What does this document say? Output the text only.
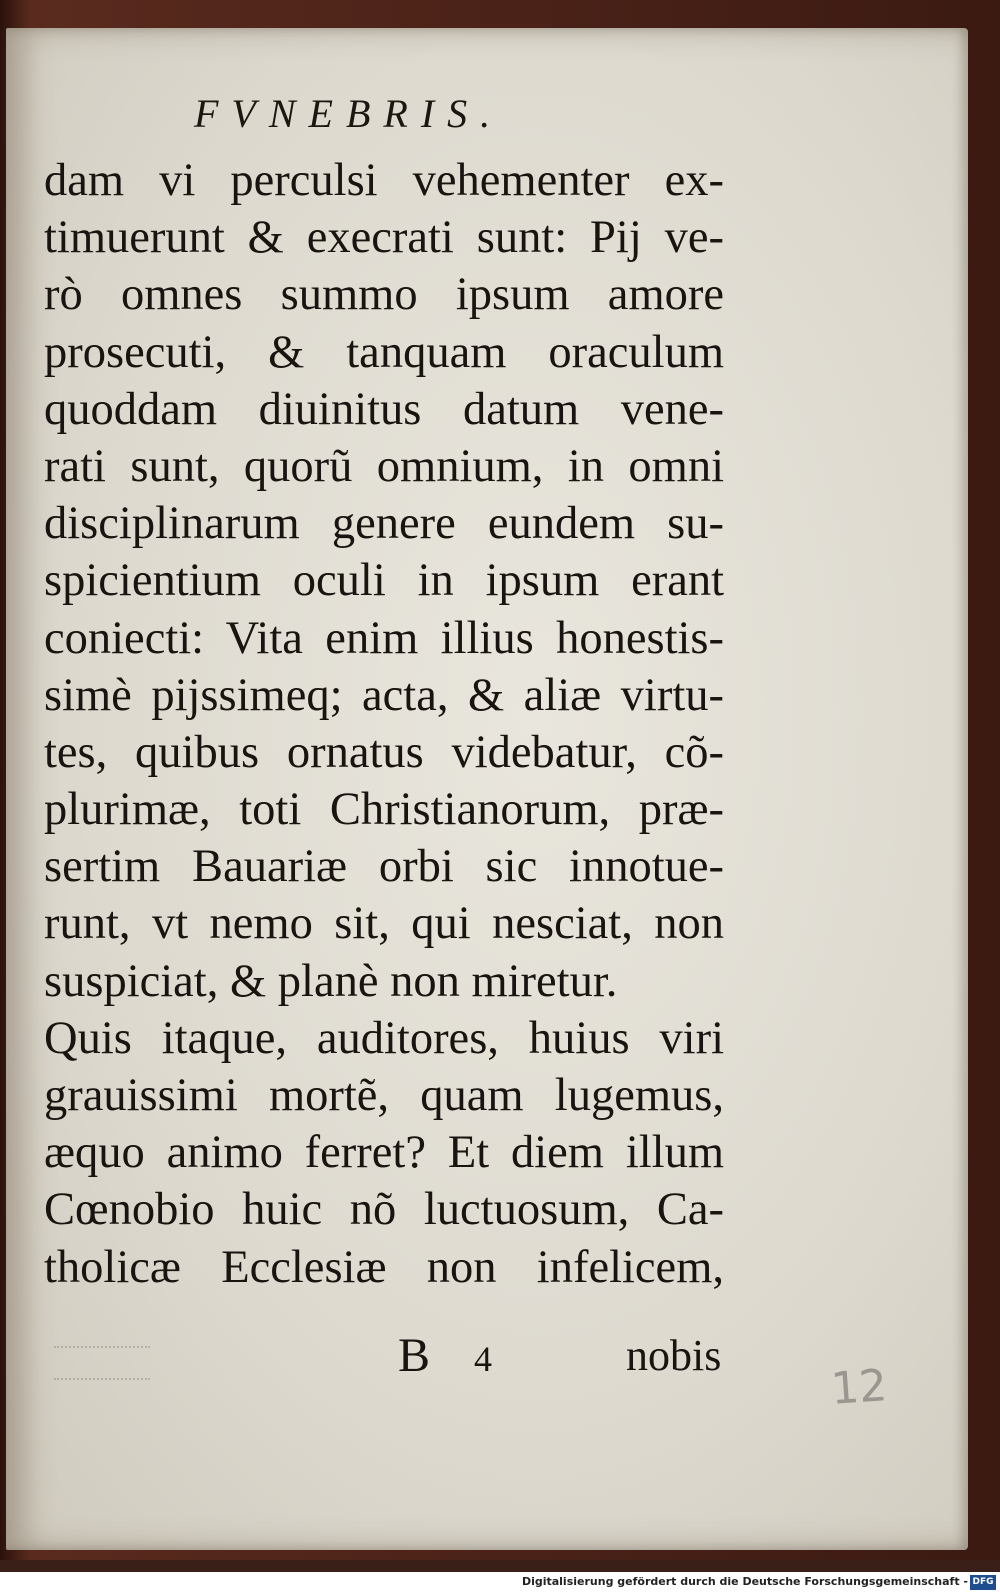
FVNEBRIS.
dam vi perculsi vehementer ex-
timuerunt & execrati sunt: Pij ve-
rò omnes summo ipsum amore
prosecuti, & tanquam oraculum
quoddam diuinitus datum vene-
rati sunt, quorũ omnium, in omni
disciplinarum genere eundem su-
spicientium oculi in ipsum erant
coniecti: Vita enim illius honestis-
simè pijssimeq; acta, & aliæ virtu-
tes, quibus ornatus videbatur, cõ-
plurimæ, toti Christianorum, præ-
sertim Bauariæ orbi sic innotue-
runt, vt nemo sit, qui nesciat, non
suspiciat, & planè non miretur.
Quis itaque, auditores, huius viri
grauissimi mortẽ, quam lugemus,
æquo animo ferret? Et diem illum
Cœnobio huic nõ luctuosum, Ca-
tholicæ Ecclesiæ non infelicem,
B 4	nobis
12
Digitalisierung gefördert durch die Deutsche Forschungsgemeinschaft - DFG
